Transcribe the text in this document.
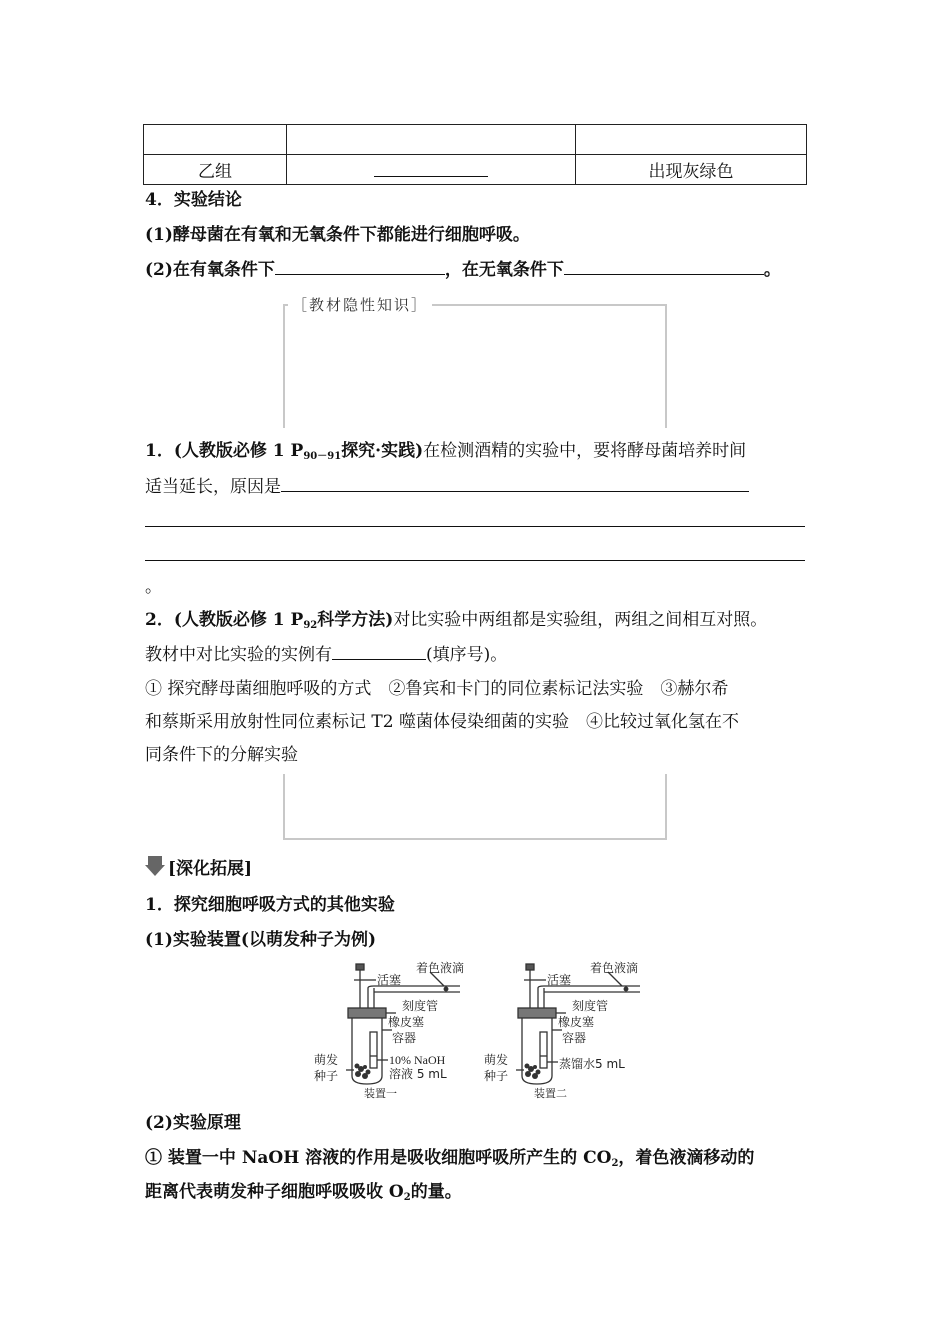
乙组		出现灰绿色
4．实验结论
(1)酵母菌在有氧和无氧条件下都能进行细胞呼吸。
(2)在有氧条件下	，在无氧条件下	。
［教材隐性知识］
1．(人教版必修 1 $P_{90-91}$探究·实践)在检测酒精的实验中，要将酵母菌培养时间
适当延长，原因是
。
2．(人教版必修 1 $P_{92}$科学方法)对比实验中两组都是实验组，两组之间相互对照。
教材中对比实验的实例有	(填序号)。
① 探究酵母菌细胞呼吸的方式　②鲁宾和卡门的同位素标记法实验　③赫尔希
和蔡斯采用放射性同位素标记 T2 噬菌体侵染细菌的实验　④比较过氧化氢在不
同条件下的分解实验
[深化拓展]
1．探究细胞呼吸方式的其他实验
(1)实验装置(以萌发种子为例)
活塞
着色液滴
刻度管
橡皮塞
容器
萌发
种子
10% NaOH
溶液 5 mL
装置一
活塞
着色液滴
刻度管
橡皮塞
容器
萌发
种子
蒸馏水5 mL
装置二
(2)实验原理
① 装置一中 NaOH 溶液的作用是吸收细胞呼吸所产生的 $CO_2$，着色液滴移动的
距离代表萌发种子细胞呼吸吸收 $O_2$的量。
